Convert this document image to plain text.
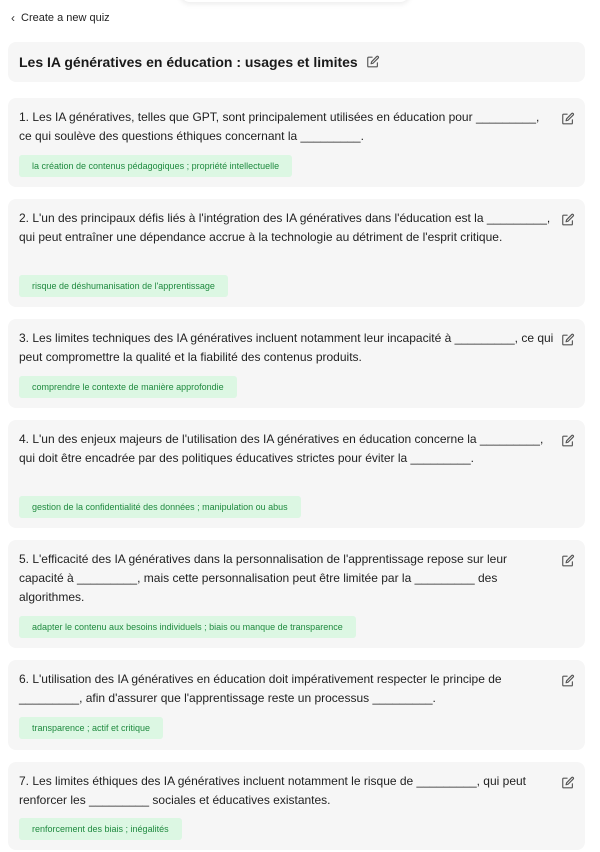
‹ Create a new quiz
Les IA génératives en éducation : usages et limites
1. Les IA génératives, telles que GPT, sont principalement utilisées en éducation pour _________, ce qui soulève des questions éthiques concernant la _________.
la création de contenus pédagogiques ; propriété intellectuelle
2. L'un des principaux défis liés à l'intégration des IA génératives dans l'éducation est la _________, qui peut entraîner une dépendance accrue à la technologie au détriment de l'esprit critique.
risque de déshumanisation de l'apprentissage
3. Les limites techniques des IA génératives incluent notamment leur incapacité à _________, ce qui peut compromettre la qualité et la fiabilité des contenus produits.
comprendre le contexte de manière approfondie
4. L'un des enjeux majeurs de l'utilisation des IA génératives en éducation concerne la _________, qui doit être encadrée par des politiques éducatives strictes pour éviter la _________.
gestion de la confidentialité des données ; manipulation ou abus
5. L'efficacité des IA génératives dans la personnalisation de l'apprentissage repose sur leur capacité à _________, mais cette personnalisation peut être limitée par la _________ des algorithmes.
adapter le contenu aux besoins individuels ; biais ou manque de transparence
6. L'utilisation des IA génératives en éducation doit impérativement respecter le principe de _________, afin d'assurer que l'apprentissage reste un processus _________.
transparence ; actif et critique
7. Les limites éthiques des IA génératives incluent notamment le risque de _________, qui peut renforcer les _________ sociales et éducatives existantes.
renforcement des biais ; inégalités
